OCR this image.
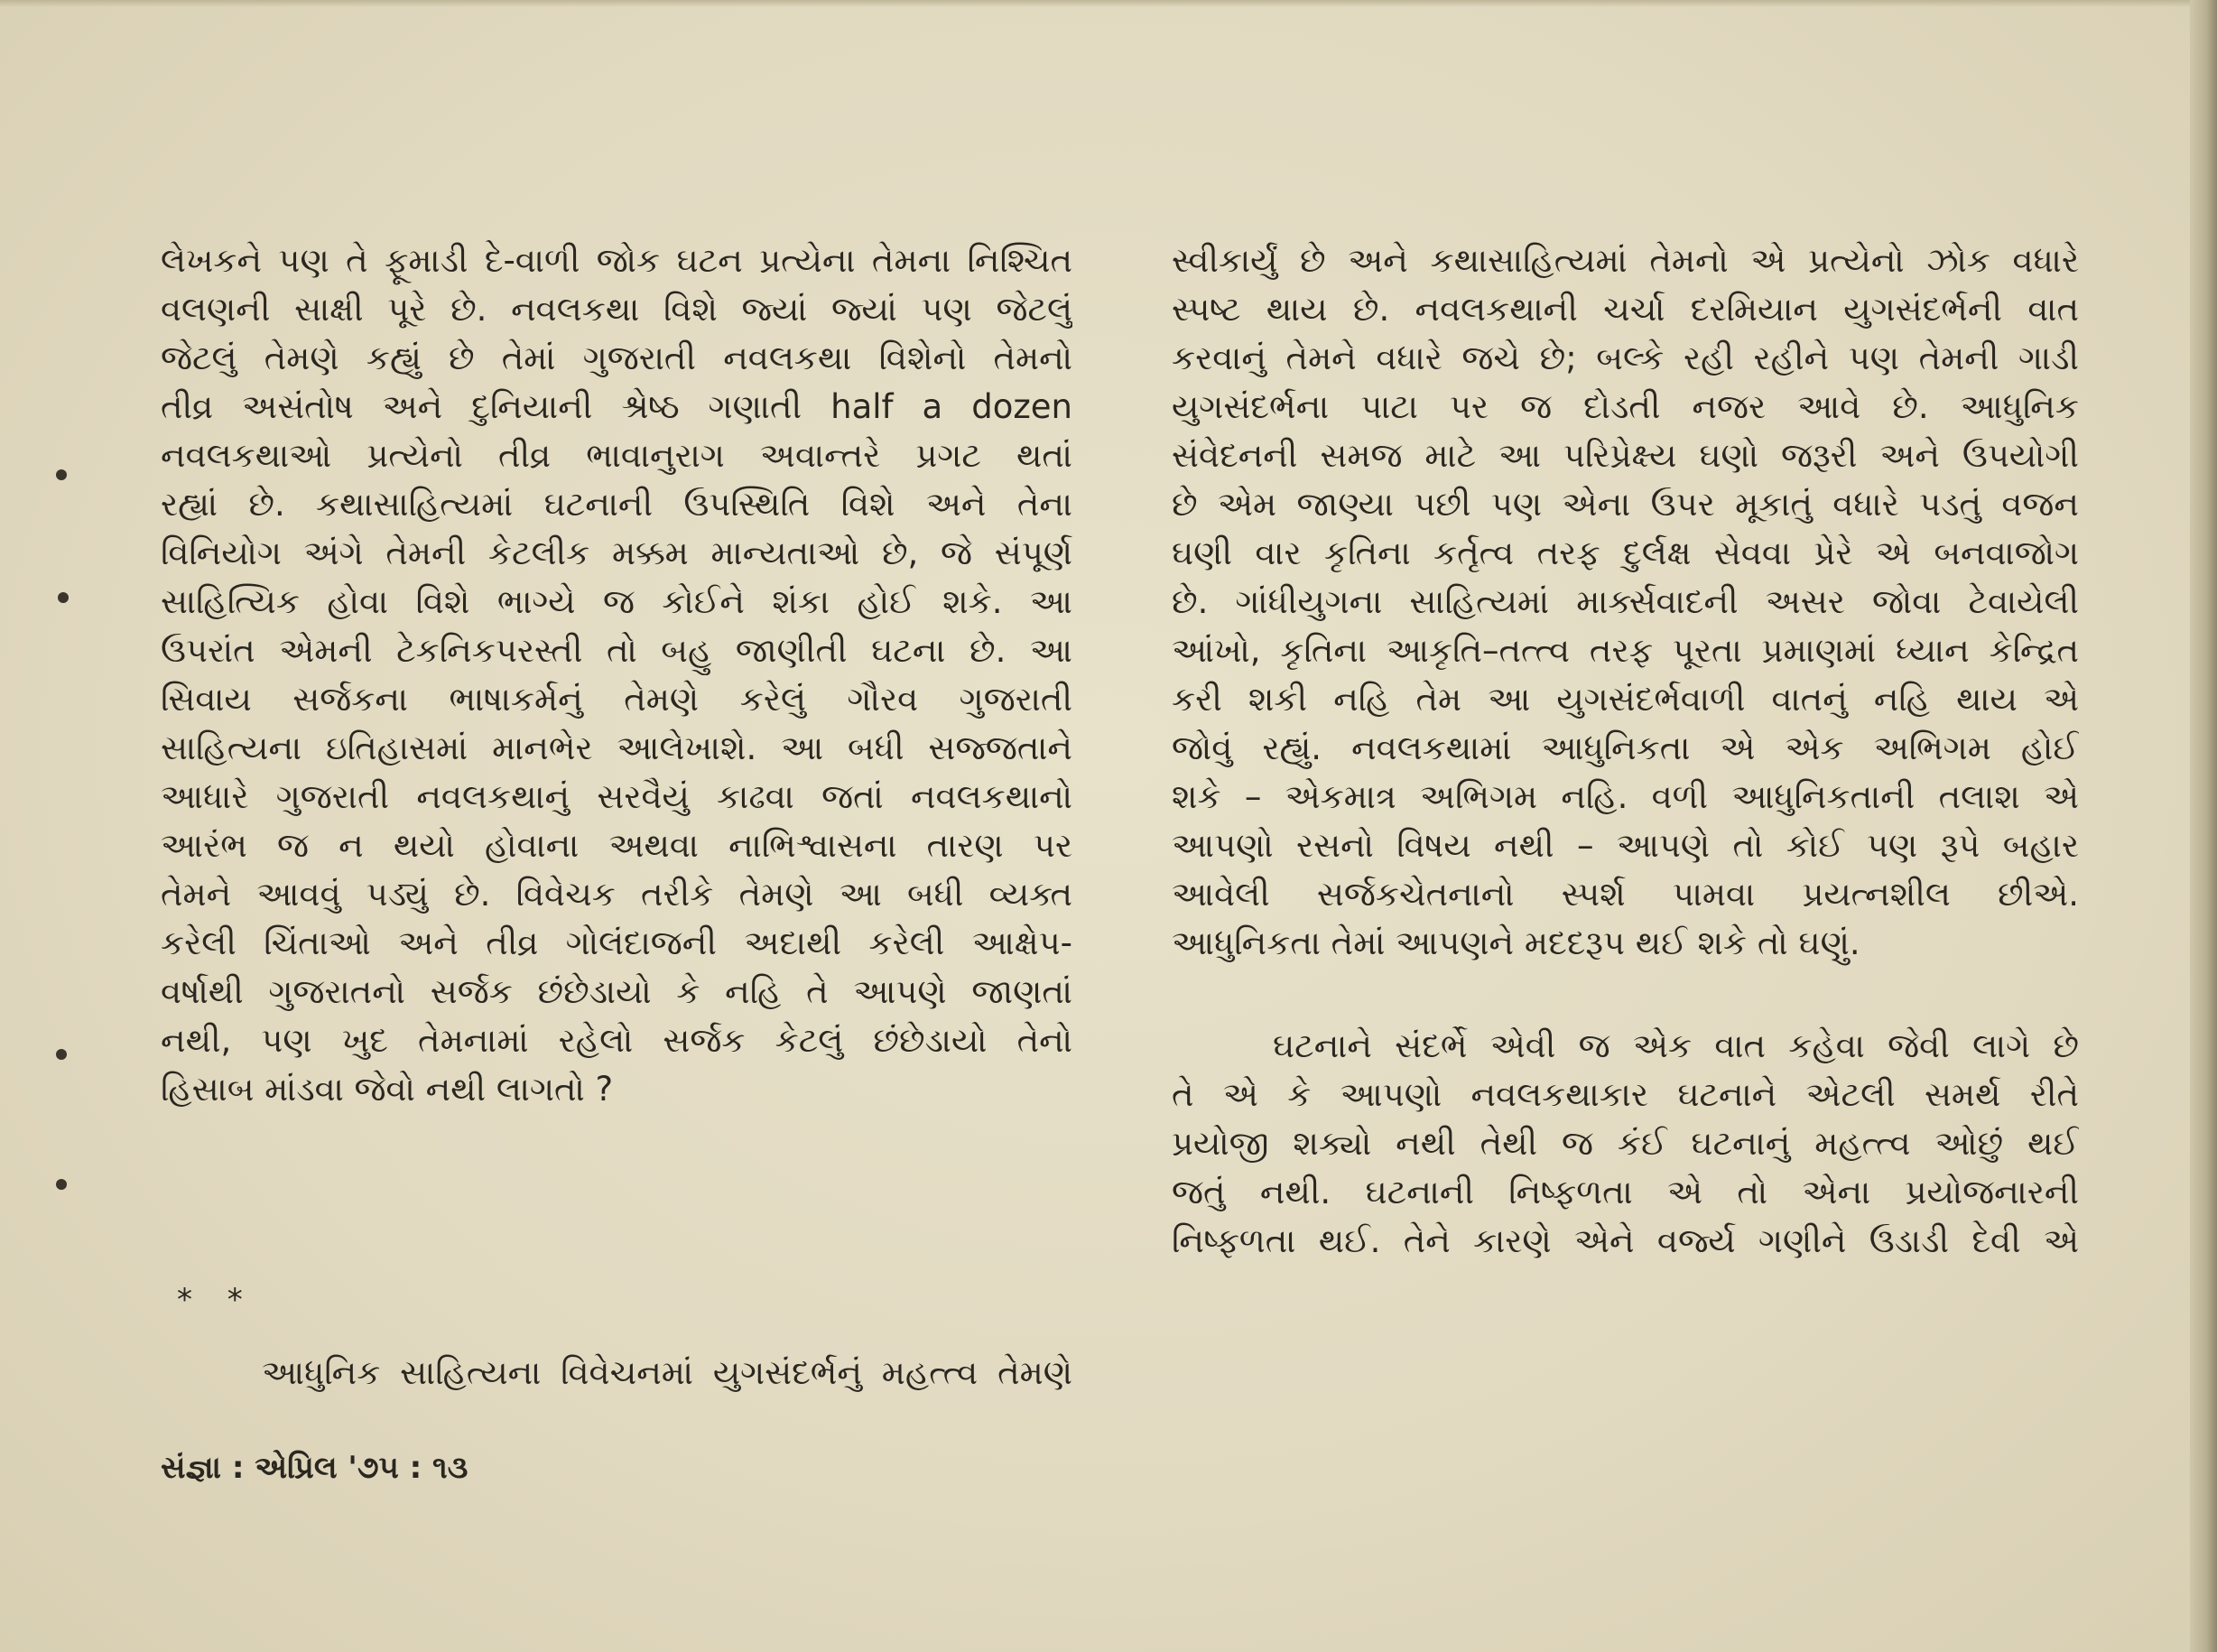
લેખકને પણ તે ફૂમાડી દે-વાળી જોક ઘટન પ્રત્યેના તેમના નિશ્ચિત
વલણની સાક્ષી પૂરે છે. નવલકથા વિશે જ્યાં જ્યાં પણ જેટલું
જેટલું તેમણે કહ્યું છે તેમાં ગુજરાતી નવલકથા વિશેનો તેમનો
તીવ્ર અસંતોષ અને દુનિયાની શ્રેષ્ઠ ગણાતી half a dozen
નવલકથાઓ પ્રત્યેનો તીવ્ર ભાવાનુરાગ અવાન્તરે પ્રગટ થતાં
રહ્યાં છે. કથાસાહિત્યમાં ઘટનાની ઉપસ્થિતિ વિશે અને તેના
વિનિયોગ અંગે તેમની કેટલીક મક્કમ માન્યતાઓ છે, જે સંપૂર્ણ
સાહિત્યિક હોવા વિશે ભાગ્યે જ કોઈને શંકા હોઈ શકે. આ
ઉપરાંત એમની ટેકનિકપરસ્તી તો બહુ જાણીતી ઘટના છે. આ
સિવાય સર્જકના ભાષાકર્મનું તેમણે કરેલું ગૌરવ ગુજરાતી
સાહિત્યના ઇતિહાસમાં માનભેર આલેખાશે. આ બધી સજ્જતાને
આધારે ગુજરાતી નવલકથાનું સરવૈયું કાઢવા જતાં નવલકથાનો
આરંભ જ ન થયો હોવાના અથવા નાભિશ્વાસના તારણ પર
તેમને આવવું પડ્યું છે. વિવેચક તરીકે તેમણે આ બધી વ્યક્ત
કરેલી ચિંતાઓ અને તીવ્ર ગોલંદાજની અદાથી કરેલી આક્ષેપ-
વર્ષાથી ગુજરાતનો સર્જક છંછેડાયો કે નહિ તે આપણે જાણતાં
નથી, પણ ખુદ તેમનામાં રહેલો સર્જક કેટલું છંછેડાયો તેનો
હિસાબ માંડવા જેવો નથી લાગતો ?
* *
આધુનિક સાહિત્યના વિવેચનમાં યુગસંદર્ભનું મહત્ત્વ તેમણે
સંજ્ઞા : એપ્રિલ '૭૫ : ૧૩
સ્વીકાર્યું છે અને કથાસાહિત્યમાં તેમનો એ પ્રત્યેનો ઝોક વધારે
સ્પષ્ટ થાય છે. નવલકથાની ચર્ચા દરમિયાન યુગસંદર્ભની વાત
કરવાનું તેમને વધારે જચે છે; બલ્કે રહી રહીને પણ તેમની ગાડી
યુગસંદર્ભના પાટા પર જ દોડતી નજર આવે છે. આધુનિક
સંવેદનની સમજ માટે આ પરિપ્રેક્ષ્ય ઘણો જરૂરી અને ઉપયોગી
છે એમ જાણ્યા પછી પણ એના ઉપર મૂકાતું વધારે પડતું વજન
ઘણી વાર કૃતિના કર્તૃત્વ તરફ દુર્લક્ષ સેવવા પ્રેરે એ બનવાજોગ
છે. ગાંધીયુગના સાહિત્યમાં માર્ક્સવાદની અસર જોવા ટેવાયેલી
આંખો, કૃતિના આકૃતિ–તત્ત્વ તરફ પૂરતા પ્રમાણમાં ધ્યાન કેન્દ્રિત
કરી શકી નહિ તેમ આ યુગસંદર્ભવાળી વાતનું નહિ થાય એ
જોવું રહ્યું. નવલકથામાં આધુનિકતા એ એક અભિગમ હોઈ
શકે – એકમાત્ર અભિગમ નહિ. વળી આધુનિકતાની તલાશ એ
આપણો રસનો વિષય નથી – આપણે તો કોઈ પણ રૂપે બહાર
આવેલી સર્જકચેતનાનો સ્પર્શ પામવા પ્રયત્નશીલ છીએ.
આધુનિકતા તેમાં આપણને મદદરૂપ થઈ શકે તો ઘણું.
ઘટનાને સંદર્ભે એવી જ એક વાત કહેવા જેવી લાગે છે
તે એ કે આપણો નવલકથાકાર ઘટનાને એટલી સમર્થ રીતે
પ્રયોજી શક્યો નથી તેથી જ કંઈ ઘટનાનું મહત્ત્વ ઓછું થઈ
જતું નથી. ઘટનાની નિષ્ફળતા એ તો એના પ્રયોજનારની
નિષ્ફળતા થઈ. તેને કારણે એને વર્જ્ય ગણીને ઉડાડી દેવી એ
